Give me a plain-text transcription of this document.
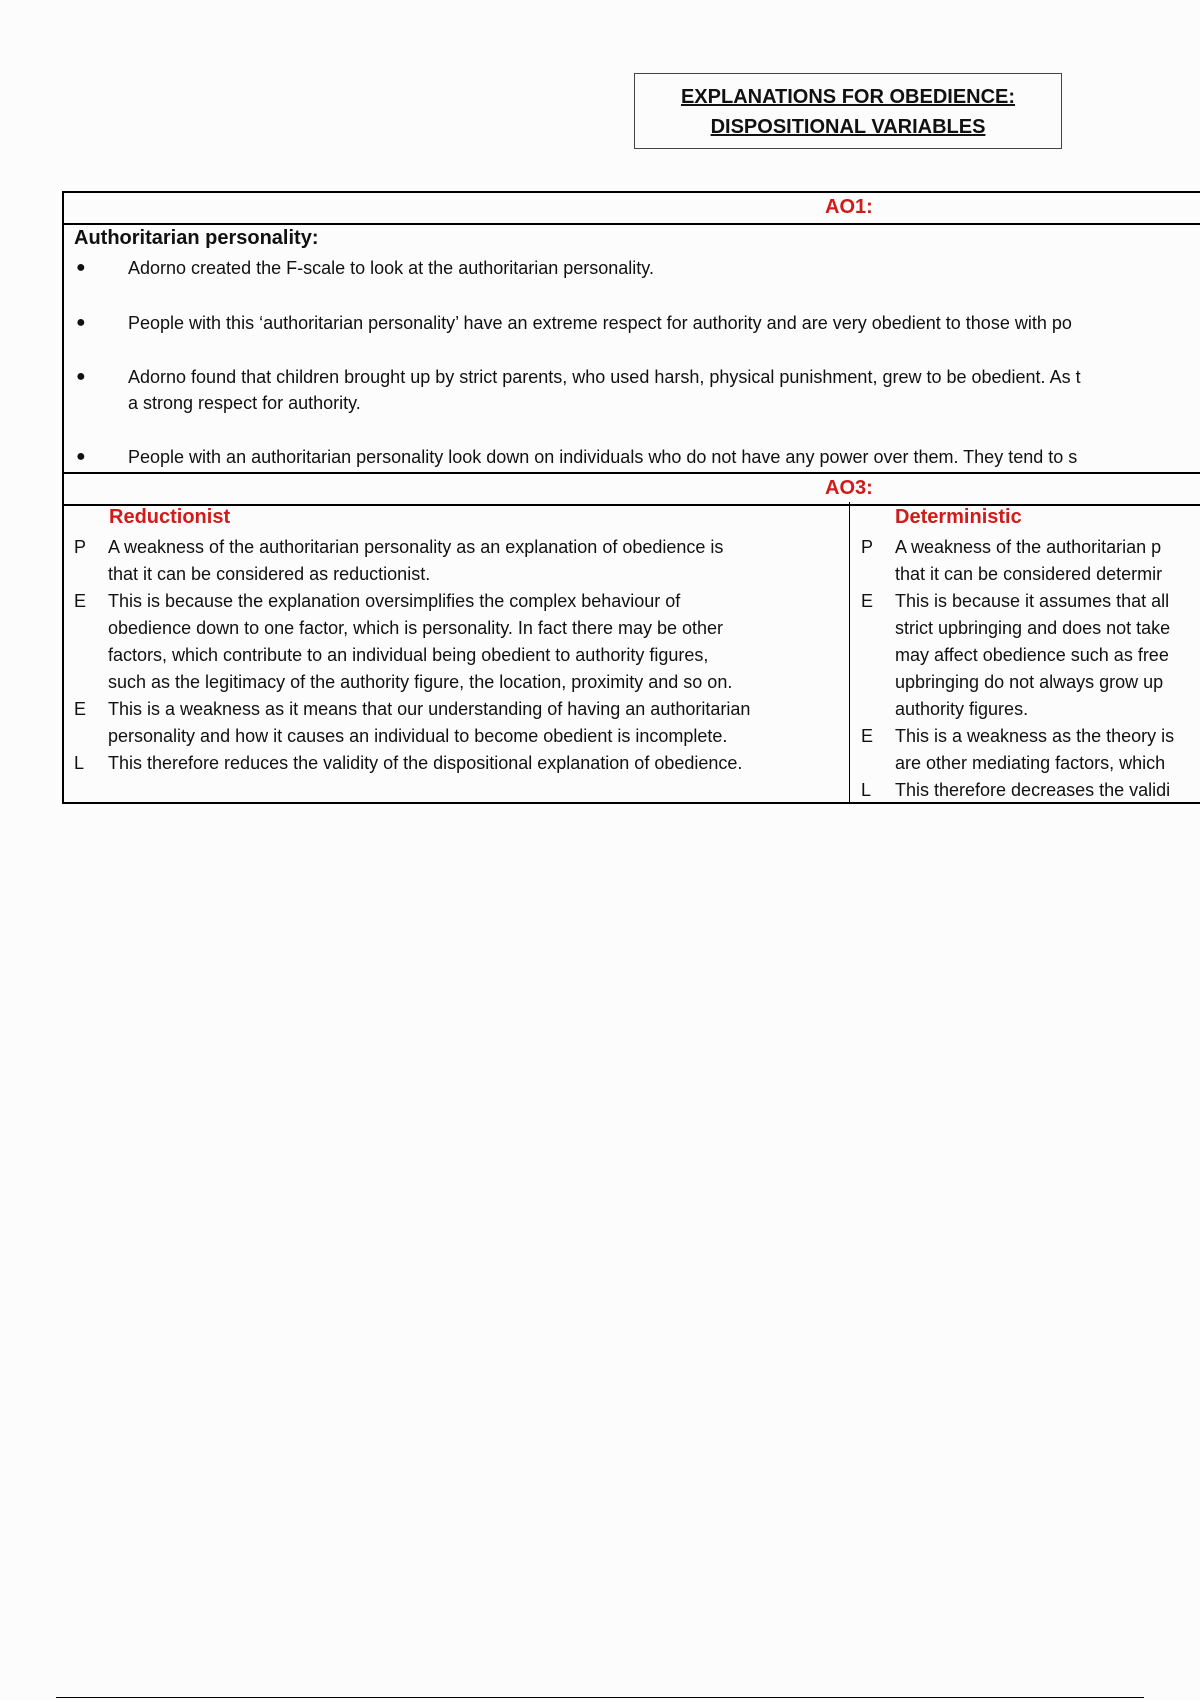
EXPLANATIONS FOR OBEDIENCE:
DISPOSITIONAL VARIABLES
AO1:
Authoritarian personality:
● Adorno created the F-scale to look at the authoritarian personality.
● People with this ‘authoritarian personality’ have an extreme respect for authority and are very obedient to those with po
● Adorno found that children brought up by strict parents, who used harsh, physical punishment, grew to be obedient. As t
a strong respect for authority.
● People with an authoritarian personality look down on individuals who do not have any power over them. They tend to s
AO3:
Reductionist
P A weakness of the authoritarian personality as an explanation of obedience is
that it can be considered as reductionist.
E This is because the explanation oversimplifies the complex behaviour of
obedience down to one factor, which is personality. In fact there may be other
factors, which contribute to an individual being obedient to authority figures,
such as the legitimacy of the authority figure, the location, proximity and so on.
E This is a weakness as it means that our understanding of having an authoritarian
personality and how it causes an individual to become obedient is incomplete.
L This therefore reduces the validity of the dispositional explanation of obedience.
Deterministic
P A weakness of the authoritarian p
that it can be considered determir
E This is because it assumes that all
strict upbringing and does not take
may affect obedience such as free
upbringing do not always grow up
authority figures.
E This is a weakness as the theory is
are other mediating factors, which
L This therefore decreases the validi
